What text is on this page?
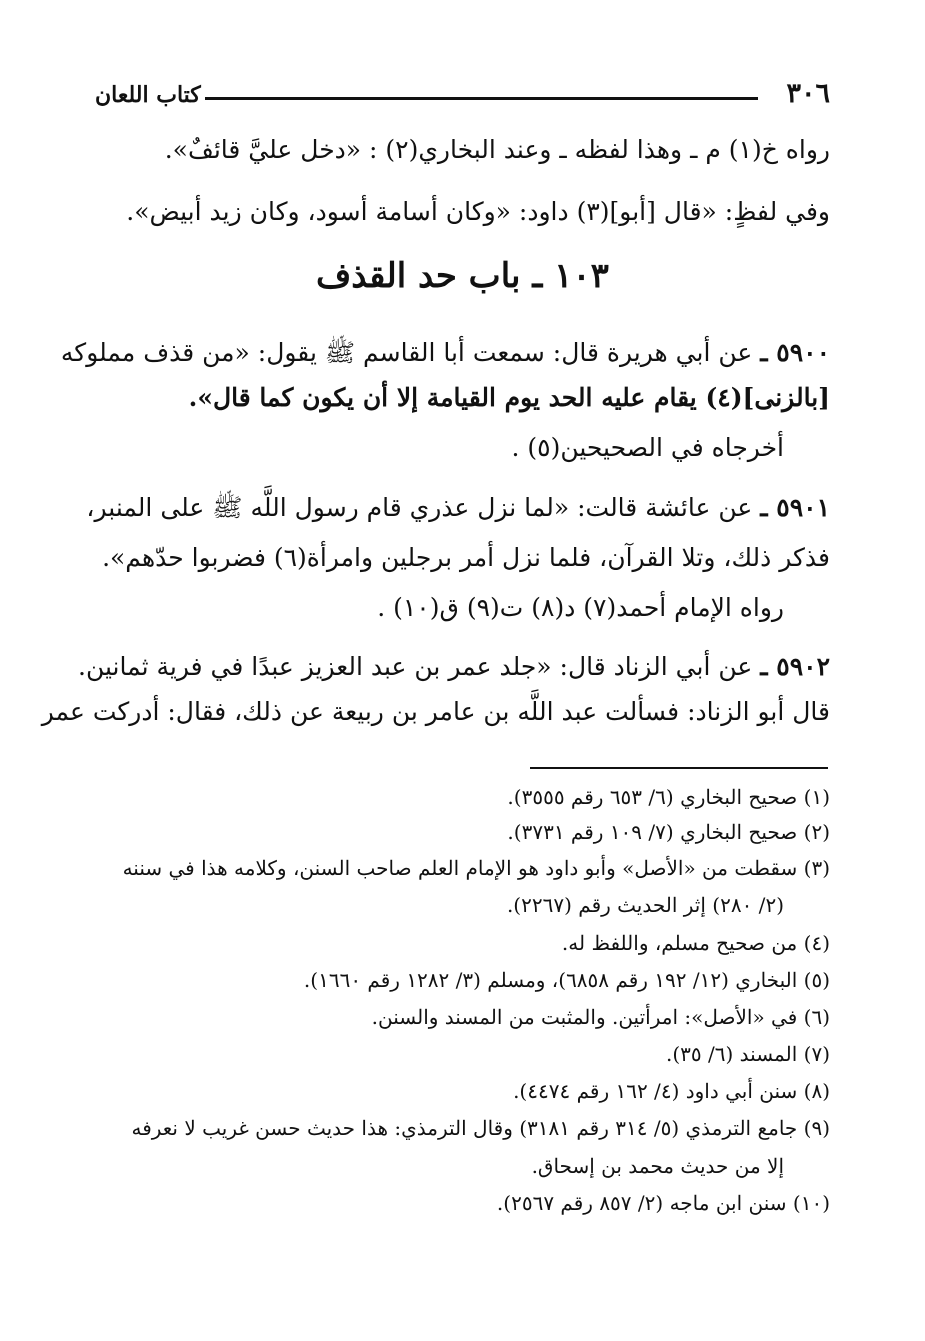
٣٠٦
كتاب اللعان
رواه خ(١) م ـ وهذا لفظه ـ وعند البخاري(٢) : «دخل عليَّ قائفٌ».
وفي لفظٍ: «قال [أبو](٣) داود: «وكان أسامة أسود، وكان زيد أبيض».
١٠٣ ـ باب حد القذف
٥٩٠٠ ـ عن أبي هريرة قال: سمعت أبا القاسم ﷺ يقول: «من قذف مملوكه
[بالزنى](٤) يقام عليه الحد يوم القيامة إلا أن يكون كما قال».
أخرجاه في الصحيحين(٥) .
٥٩٠١ ـ عن عائشة قالت: «لما نزل عذري قام رسول اللَّه ﷺ على المنبر،
فذكر ذلك، وتلا القرآن، فلما نزل أمر برجلين وامرأة(٦) فضربوا حدّهم».
رواه الإمام أحمد(٧) د(٨) ت(٩) ق(١٠) .
٥٩٠٢ ـ عن أبي الزناد قال: «جلد عمر بن عبد العزيز عبدًا في فرية ثمانين.
قال أبو الزناد: فسألت عبد اللَّه بن عامر بن ربيعة عن ذلك، فقال: أدركت عمر
(١) صحيح البخاري (٦/ ٦٥٣ رقم ٣٥٥٥).
(٢) صحيح البخاري (٧/ ١٠٩ رقم ٣٧٣١).
(٣) سقطت من «الأصل» وأبو داود هو الإمام العلم صاحب السنن، وكلامه هذا في سننه
(٢/ ٢٨٠) إثر الحديث رقم (٢٢٦٧).
(٤) من صحيح مسلم، واللفظ له.
(٥) البخاري (١٢/ ١٩٢ رقم ٦٨٥٨)، ومسلم (٣/ ١٢٨٢ رقم ١٦٦٠).
(٦) في «الأصل»: امرأتين. والمثبت من المسند والسنن.
(٧) المسند (٦/ ٣٥).
(٨) سنن أبي داود (٤/ ١٦٢ رقم ٤٤٧٤).
(٩) جامع الترمذي (٥/ ٣١٤ رقم ٣١٨١) وقال الترمذي: هذا حديث حسن غريب لا نعرفه
إلا من حديث محمد بن إسحاق.
(١٠) سنن ابن ماجه (٢/ ٨٥٧ رقم ٢٥٦٧).
